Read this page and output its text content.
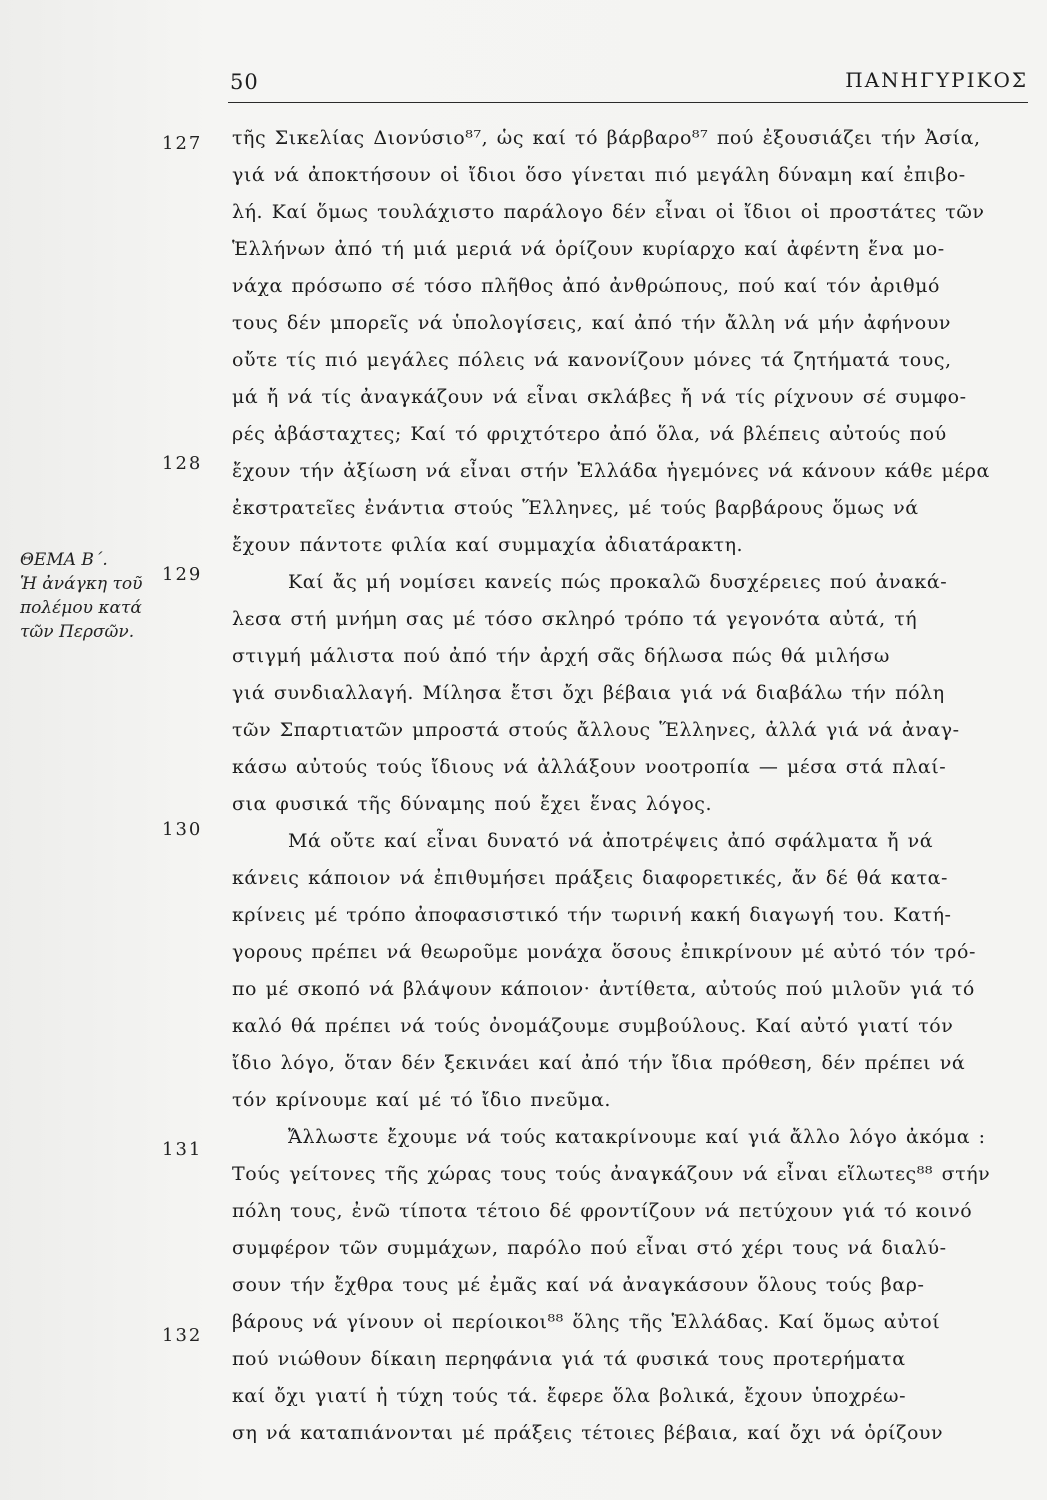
50	ΠΑΝΗΓΥΡΙΚΟΣ
ΘΕΜΑ Β΄.
Ἡ ἀνάγκη τοῦ
πολέμου κατά
τῶν Περσῶν.
127
128
129
130
131
132
τῆς Σικελίας Διονύσιο⁸⁷, ὡς καί τό βάρβαρο⁸⁷ πού ἐξουσιάζει τήν Ἀσία,
γιά νά ἀποκτήσουν οἱ ἴδιοι ὅσο γίνεται πιό μεγάλη δύναμη καί ἐπιβο-
λή. Καί ὅμως τουλάχιστο παράλογο δέν εἶναι οἱ ἴδιοι οἱ προστάτες τῶν
Ἑλλήνων ἀπό τή μιά μεριά νά ὁρίζουν κυρίαρχο καί ἀφέντη ἕνα μο-
νάχα πρόσωπο σέ τόσο πλῆθος ἀπό ἀνθρώπους, πού καί τόν ἀριθμό
τους δέν μπορεῖς νά ὑπολογίσεις, καί ἀπό τήν ἄλλη νά μήν ἀφήνουν
οὔτε τίς πιό μεγάλες πόλεις νά κανονίζουν μόνες τά ζητήματά τους,
μά ἤ νά τίς ἀναγκάζουν νά εἶναι σκλάβες ἤ νά τίς ρίχνουν σέ συμφο-
ρές ἀβάσταχτες; Καί τό φριχτότερο ἀπό ὅλα, νά βλέπεις αὐτούς πού
ἔχουν τήν ἀξίωση νά εἶναι στήν Ἑλλάδα ἡγεμόνες νά κάνουν κάθε μέρα
ἐκστρατεῖες ἐνάντια στούς Ἕλληνες, μέ τούς βαρβάρους ὅμως νά
ἔχουν πάντοτε φιλία καί συμμαχία ἀδιατάρακτη.
Καί ἄς μή νομίσει κανείς πώς προκαλῶ δυσχέρειες πού ἀνακά-
λεσα στή μνήμη σας μέ τόσο σκληρό τρόπο τά γεγονότα αὐτά, τή
στιγμή μάλιστα πού ἀπό τήν ἀρχή σᾶς δήλωσα πώς θά μιλήσω
γιά συνδιαλλαγή. Μίλησα ἔτσι ὄχι βέβαια γιά νά διαβάλω τήν πόλη
τῶν Σπαρτιατῶν μπροστά στούς ἄλλους Ἕλληνες, ἀλλά γιά νά ἀναγ-
κάσω αὐτούς τούς ἴδιους νά ἀλλάξουν νοοτροπία — μέσα στά πλαί-
σια φυσικά τῆς δύναμης πού ἔχει ἕνας λόγος.
Μά οὔτε καί εἶναι δυνατό νά ἀποτρέψεις ἀπό σφάλματα ἤ νά
κάνεις κάποιον νά ἐπιθυμήσει πράξεις διαφορετικές, ἄν δέ θά κατα-
κρίνεις μέ τρόπο ἀποφασιστικό τήν τωρινή κακή διαγωγή του. Κατή-
γορους πρέπει νά θεωροῦμε μονάχα ὅσους ἐπικρίνουν μέ αὐτό τόν τρό-
πο μέ σκοπό νά βλάψουν κάποιον· ἀντίθετα, αὐτούς πού μιλοῦν γιά τό
καλό θά πρέπει νά τούς ὀνομάζουμε συμβούλους. Καί αὐτό γιατί τόν
ἴδιο λόγο, ὅταν δέν ξεκινάει καί ἀπό τήν ἴδια πρόθεση, δέν πρέπει νά
τόν κρίνουμε καί μέ τό ἴδιο πνεῦμα.
Ἄλλωστε ἔχουμε νά τούς κατακρίνουμε καί γιά ἄλλο λόγο ἀκόμα :
Τούς γείτονες τῆς χώρας τους τούς ἀναγκάζουν νά εἶναι εἵλωτες⁸⁸ στήν
πόλη τους, ἐνῶ τίποτα τέτοιο δέ φροντίζουν νά πετύχουν γιά τό κοινό
συμφέρον τῶν συμμάχων, παρόλο πού εἶναι στό χέρι τους νά διαλύ-
σουν τήν ἔχθρα τους μέ ἐμᾶς καί νά ἀναγκάσουν ὅλους τούς βαρ-
βάρους νά γίνουν οἱ περίοικοι⁸⁸ ὅλης τῆς Ἑλλάδας. Καί ὅμως αὐτοί
πού νιώθουν δίκαιη περηφάνια γιά τά φυσικά τους προτερήματα
καί ὄχι γιατί ἡ τύχη τούς τά. ἔφερε ὅλα βολικά, ἔχουν ὑποχρέω-
ση νά καταπιάνονται μέ πράξεις τέτοιες βέβαια, καί ὄχι νά ὁρίζουν
